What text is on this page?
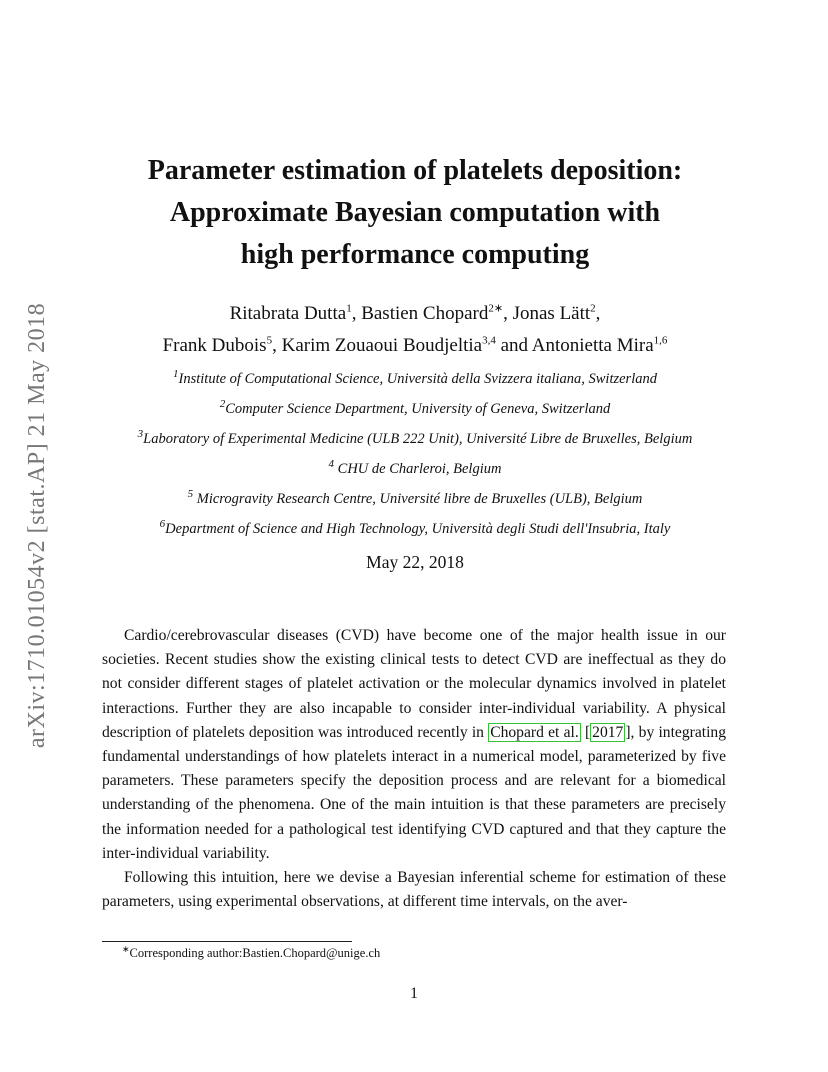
arXiv:1710.01054v2 [stat.AP] 21 May 2018
Parameter estimation of platelets deposition:
Approximate Bayesian computation with
high performance computing
Ritabrata Dutta$^1$, Bastien Chopard$^{2∗}$, Jonas Lätt$^2$,
Frank Dubois$^5$, Karim Zouaoui Boudjeltia$^{3,4}$ and Antonietta Mira$^{1,6}$
$^1$Institute of Computational Science, Università della Svizzera italiana, Switzerland
$^2$Computer Science Department, University of Geneva, Switzerland
$^3$Laboratory of Experimental Medicine (ULB 222 Unit), Université Libre de Bruxelles, Belgium
$^4$ CHU de Charleroi, Belgium
$^5$ Microgravity Research Centre, Université libre de Bruxelles (ULB), Belgium
$^6$Department of Science and High Technology, Università degli Studi dell'Insubria, Italy
May 22, 2018

Cardio/cerebrovascular diseases (CVD) have become one of the major health issue in our societies. Recent studies show the existing clinical tests to detect CVD are ineffectual as they do not consider different stages of platelet activation or the molecular dynamics involved in platelet interactions. Further they are also incapable to consider inter-individual variability. A physical description of platelets deposition was introduced recently in Chopard et al. [ 2017 ], by integrating fundamental understandings of how platelets interact in a numerical model, parameterized by five parameters. These parameters specify the deposition process and are relevant for a biomedical understanding of the phenomena. One of the main intuition is that these parameters are precisely the information needed for a pathological test identifying CVD captured and that they capture the inter-individual variability.

Following this intuition, here we devise a Bayesian inferential scheme for estimation of these parameters, using experimental observations, at different time intervals, on the aver-

∗Corresponding author:Bastien.Chopard@unige.ch
1
